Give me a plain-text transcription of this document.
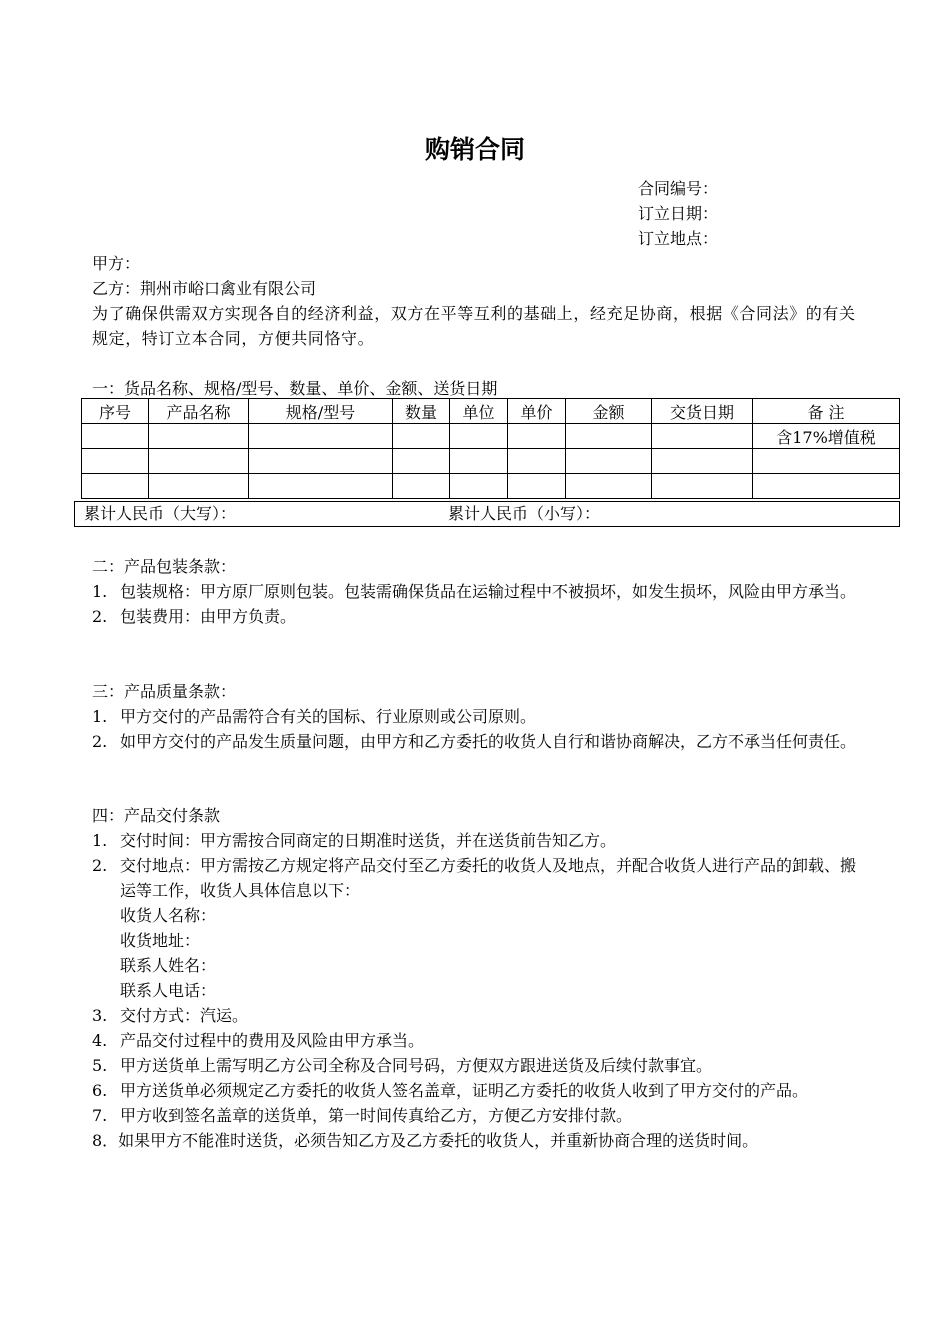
购销合同
合同编号：
订立日期：
订立地点：

甲方：

乙方：荆州市峪口禽业有限公司

为了确保供需双方实现各自的经济利益，双方在平等互利的基础上，经充足协商，根据《合同法》的有关规定，特订立本合同，方便共同恪守。

一：货品名称、规格/型号、数量、单价、金额、送货日期

序号	产品名称	规格/型号	数量	单位	单价	金额	交货日期	备 注
								含17%增值税

累计人民币（大写）：	累计人民币（小写）：

二：产品包装条款：

1. 包装规格：甲方原厂原则包装。包装需确保货品在运输过程中不被损坏，如发生损坏，风险由甲方承当。
2. 包装费用：由甲方负责。

三：产品质量条款：

1. 甲方交付的产品需符合有关的国标、行业原则或公司原则。
2. 如甲方交付的产品发生质量问题，由甲方和乙方委托的收货人自行和谐协商解决，乙方不承当任何责任。

四：产品交付条款

1. 交付时间：甲方需按合同商定的日期准时送货，并在送货前告知乙方。
2. 交付地点：甲方需按乙方规定将产品交付至乙方委托的收货人及地点，并配合收货人进行产品的卸载、搬运等工作，收货人具体信息以下：
收货人名称：
收货地址：
联系人姓名：
联系人电话：
3. 交付方式：汽运。
4. 产品交付过程中的费用及风险由甲方承当。
5. 甲方送货单上需写明乙方公司全称及合同号码，方便双方跟进送货及后续付款事宜。
6. 甲方送货单必须规定乙方委托的收货人签名盖章，证明乙方委托的收货人收到了甲方交付的产品。
7. 甲方收到签名盖章的送货单，第一时间传真给乙方，方便乙方安排付款。

8．如果甲方不能准时送货，必须告知乙方及乙方委托的收货人，并重新协商合理的送货时间。
